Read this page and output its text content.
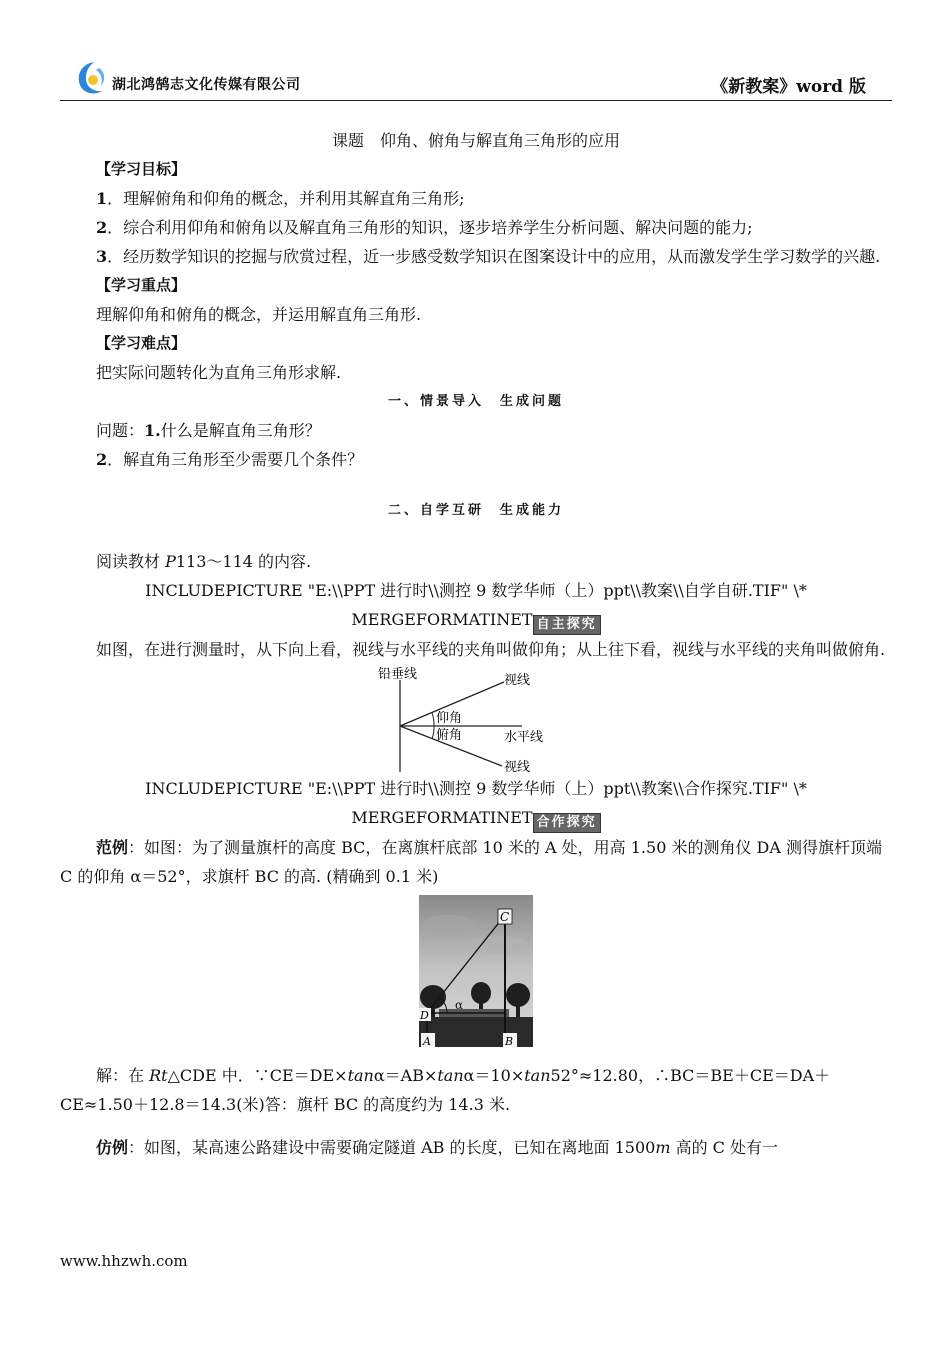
湖北鸿鹄志文化传媒有限公司	《新教案》word 版

课题　仰角、俯角与解直角三角形的应用

【学习目标】

1．理解俯角和仰角的概念，并利用其解直角三角形;

2．综合利用仰角和俯角以及解直角三角形的知识，逐步培养学生分析问题、解决问题的能力;

3．经历数学知识的挖掘与欣赏过程，近一步感受数学知识在图案设计中的应用，从而激发学生学习数学的兴趣.

【学习重点】

理解仰角和俯角的概念，并运用解直角三角形.

【学习难点】

把实际问题转化为直角三角形求解.

一、情景导入　生成问题

问题：1.什么是解直角三角形？

2．解直角三角形至少需要几个条件？

二、自学互研　生成能力

阅读教材 P113～114 的内容.

INCLUDEPICTURE "E:\\PPT 进行时\\测控 9 数学华师（上）ppt\\教案\\自学自研.TIF" \*

MERGEFORMATINET 自主探究

如图，在进行测量时，从下向上看，视线与水平线的夹角叫做仰角；从上往下看，视线与水平线的夹角叫做俯角.

铅垂线	视线
仰角
俯角	水平线
视线

INCLUDEPICTURE "E:\\PPT 进行时\\测控 9 数学华师（上）ppt\\教案\\合作探究.TIF" \*

MERGEFORMATINET 合作探究

范例：如图：为了测量旗杆的高度 BC，在离旗杆底部 10 米的 A 处，用高 1.50 米的测角仪 DA 测得旗杆顶端 C 的仰角 α＝52°，求旗杆 BC 的高. (精确到 0.1 米)

C
α
D
A	B

解：在 Rt△CDE 中．∵CE＝DE×tanα＝AB×tanα＝10×tan52°≈12.80，∴BC＝BE＋CE＝DA＋CE≈1.50＋12.8＝14.3(米)答：旗杆 BC 的高度约为 14.3 米.

仿例：如图，某高速公路建设中需要确定隧道 AB 的长度，已知在离地面 1500m 高的 C 处有一

www.hhzwh.com
